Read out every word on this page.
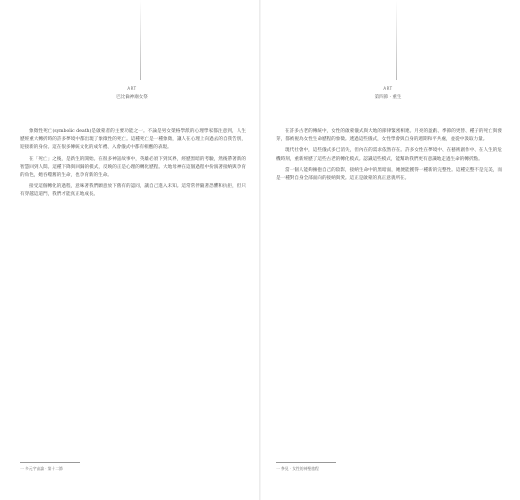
ART
巴比倫神廟女祭

象徵性死亡(symbolic death)是啟蒙者的主要功能之一。不論是男女榮格學派的心理學家都注意到，人生歷經重大轉折時的許多夢境中都出現了象徵性的死亡。這種死亡是一種象徵，讓人在心理上向過去的自我告別，迎接新的身份。這在很多傳統文化的成年禮、入會儀式中都有相應的表現。

在「死亡」之後，是新生的開始。在很多神話故事中，英雄必須下到冥界，經歷黑暗的考驗，然後帶著新的智慧回到人間。這種下降與回歸的模式，反映的正是心理的轉化歷程。大地母神在這個過程中扮演著接納與孕育的角色，她吞噬舊的生命，也孕育新的生命。

接受這個轉化的過程，意味著我們願意放下舊有的認同，讓自己進入未知。這常常伴隨著恐懼和抗拒，但只有穿越這道門，我們才能真正地成長。

一 多元宇宙論 · 第十二節
ART
第四節 · 重生

在許多古老的傳統中，女性的啟蒙儀式與大地的節律緊密相連。月亮的盈虧、季節的更替、種子的死亡與發芽，都被視為女性生命歷程的象徵。透過這些儀式，女性學會與自身的週期和平共處，並從中汲取力量。

現代社會中，這些儀式多已消失，但內在的需求依然存在。許多女性在夢境中、在藝術創作中、在人生的危機時刻，重新經歷了這些古老的轉化模式。認識這些模式，能幫助我們更有意識地走過生命的轉折點。

當一個人能夠擁抱自己的陰影，接納生命中的黑暗面，她便能獲得一種新的完整性。這種完整不是完美，而是一種對自身全部面向的接納與愛。這正是啟蒙的真正意義所在。

一 參見 · 女性的神聖旅程
